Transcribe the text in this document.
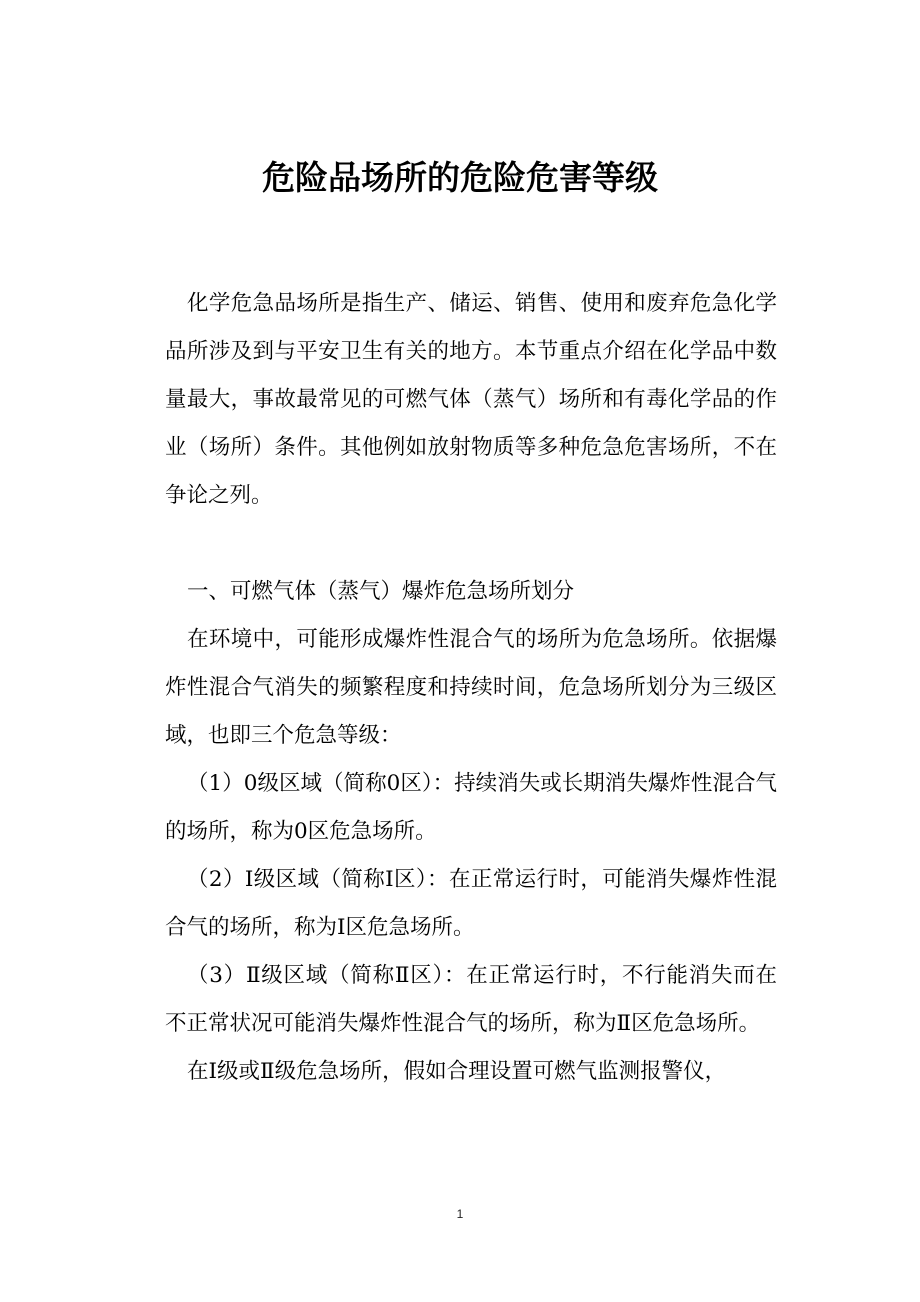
危险品场所的危险危害等级

化学危急品场所是指生产、储运、销售、使用和废弃危急化学品所涉及到与平安卫生有关的地方。本节重点介绍在化学品中数量最大，事故最常见的可燃气体（蒸气）场所和有毒化学品的作业（场所）条件。其他例如放射物质等多种危急危害场所，不在争论之列。

一、可燃气体（蒸气）爆炸危急场所划分

在环境中，可能形成爆炸性混合气的场所为危急场所。依据爆炸性混合气消失的频繁程度和持续时间，危急场所划分为三级区域，也即三个危急等级：

（1）0级区域（简称0区）：持续消失或长期消失爆炸性混合气的场所，称为0区危急场所。

（2）Ⅰ级区域（简称Ⅰ区）：在正常运行时，可能消失爆炸性混合气的场所，称为Ⅰ区危急场所。

（3）Ⅱ级区域（简称Ⅱ区）：在正常运行时，不行能消失而在不正常状况可能消失爆炸性混合气的场所，称为Ⅱ区危急场所。

在Ⅰ级或Ⅱ级危急场所，假如合理设置可燃气监测报警仪，

1
